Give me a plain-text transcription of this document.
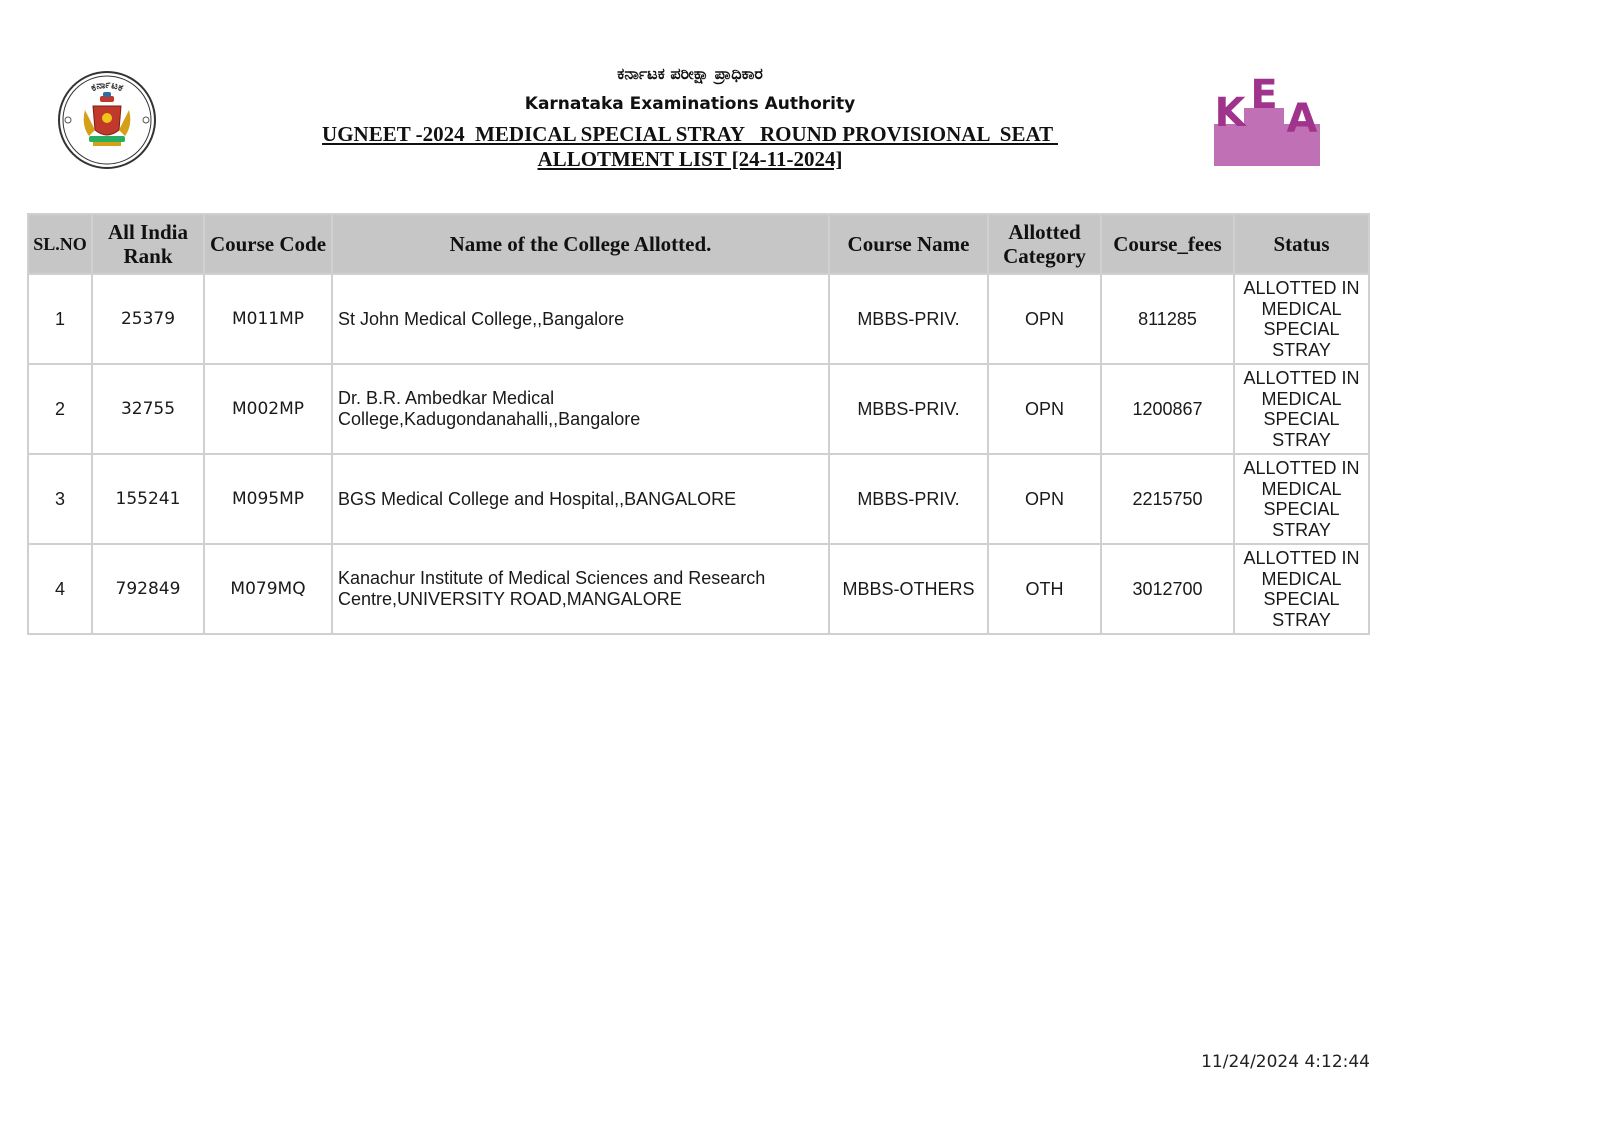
ಕರ್ನಾಟಕ
ಕರ್ನಾಟಕ ಪರೀಕ್ಷಾ ಪ್ರಾಧಿಕಾರ
Karnataka Examinations Authority
UGNEET -2024  MEDICAL SPECIAL STRAY   ROUND PROVISIONAL  SEAT
ALLOTMENT LIST [24-11-2024]
K E
A
SL.NO	All India Rank	Course Code	Name of the College Allotted.	Course Name	Allotted Category	Course_fees	Status
1	25379	M011MP	St John Medical College,,Bangalore	MBBS-PRIV.	OPN	811285	ALLOTTED IN MEDICAL SPECIAL STRAY
2	32755	M002MP	Dr. B.R. Ambedkar Medical College,Kadugondanahalli,,Bangalore	MBBS-PRIV.	OPN	1200867	ALLOTTED IN MEDICAL SPECIAL STRAY
3	155241	M095MP	BGS Medical College and Hospital,,BANGALORE	MBBS-PRIV.	OPN	2215750	ALLOTTED IN MEDICAL SPECIAL STRAY
4	792849	M079MQ	Kanachur Institute of Medical Sciences and Research Centre,UNIVERSITY ROAD,MANGALORE	MBBS-OTHERS	OTH	3012700	ALLOTTED IN MEDICAL SPECIAL STRAY
11/24/2024 4:12:44
